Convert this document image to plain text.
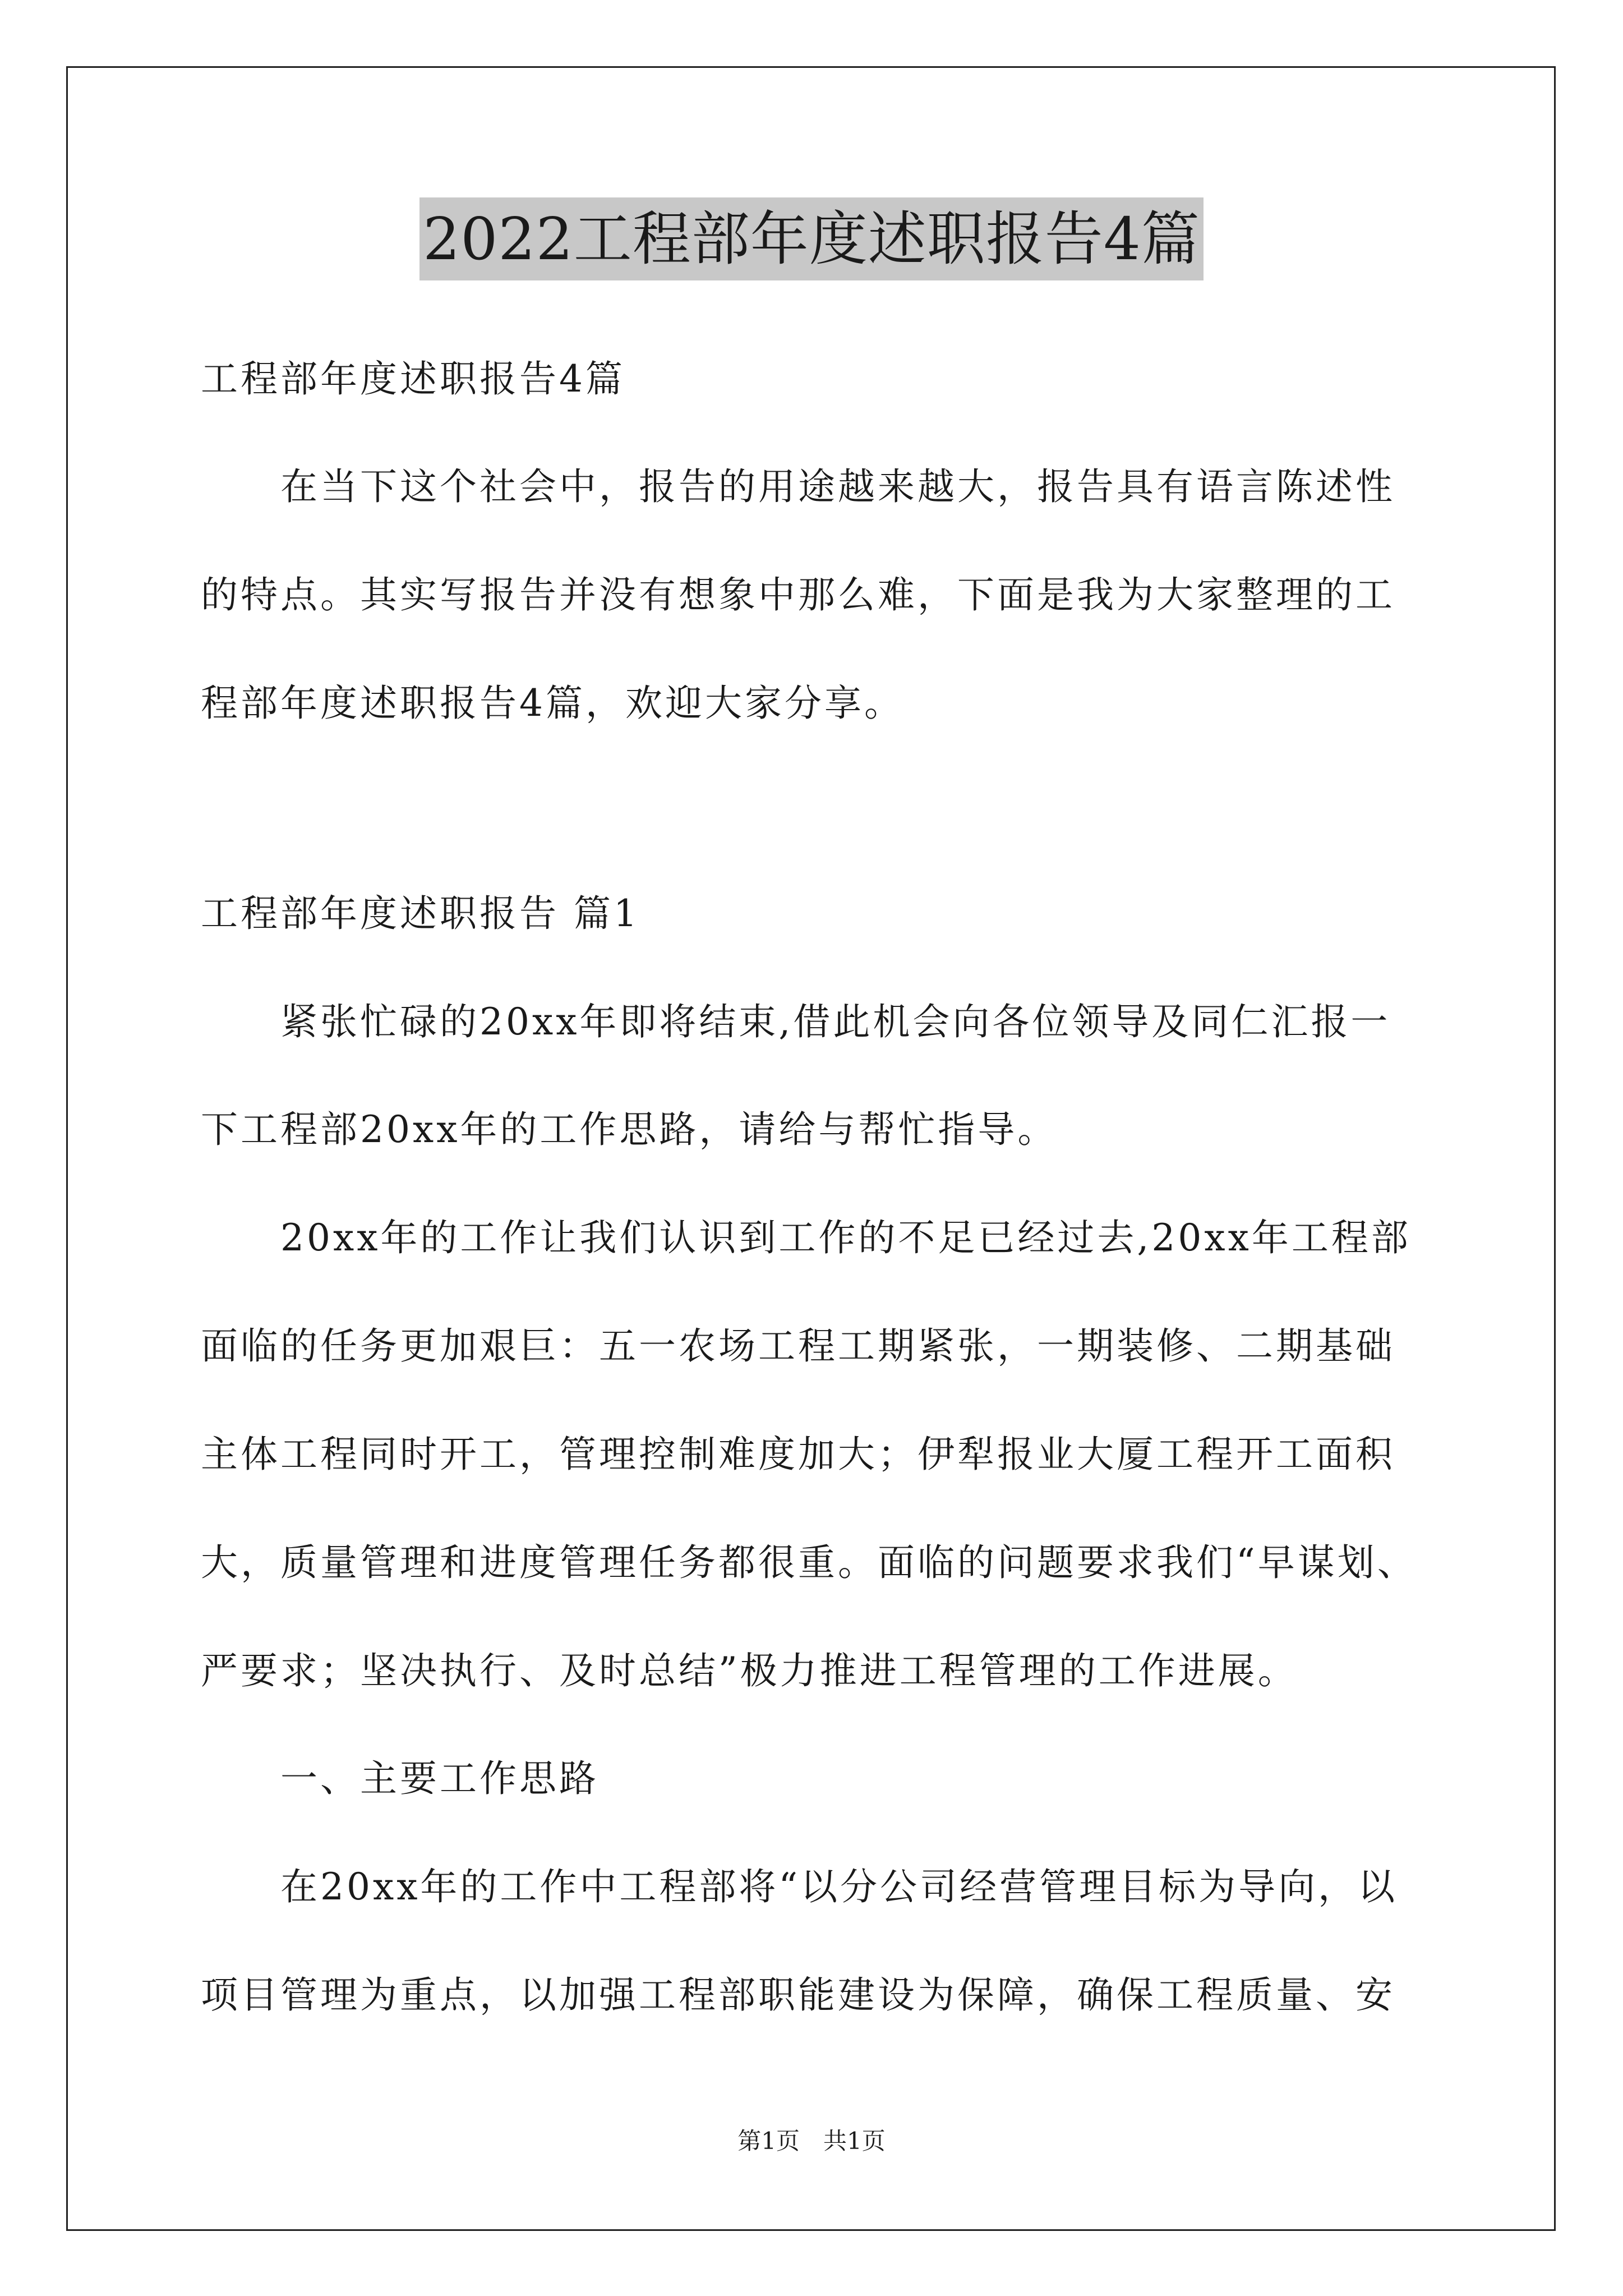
2022工程部年度述职报告4篇
工程部年度述职报告4篇
　　在当下这个社会中，报告的用途越来越大，报告具有语言陈述性
的特点。其实写报告并没有想象中那么难，下面是我为大家整理的工
程部年度述职报告4篇，欢迎大家分享。
工程部年度述职报告 篇1
　　紧张忙碌的20xx年即将结束,借此机会向各位领导及同仁汇报一
下工程部20xx年的工作思路，请给与帮忙指导。
　　20xx年的工作让我们认识到工作的不足已经过去,20xx年工程部
面临的任务更加艰巨：五一农场工程工期紧张，一期装修、二期基础
主体工程同时开工，管理控制难度加大；伊犁报业大厦工程开工面积
大，质量管理和进度管理任务都很重。面临的问题要求我们“早谋划、
严要求；坚决执行、及时总结”极力推进工程管理的工作进展。
　　一、主要工作思路
　　在20xx年的工作中工程部将“以分公司经营管理目标为导向，以
项目管理为重点，以加强工程部职能建设为保障，确保工程质量、安
第1页　共1页
